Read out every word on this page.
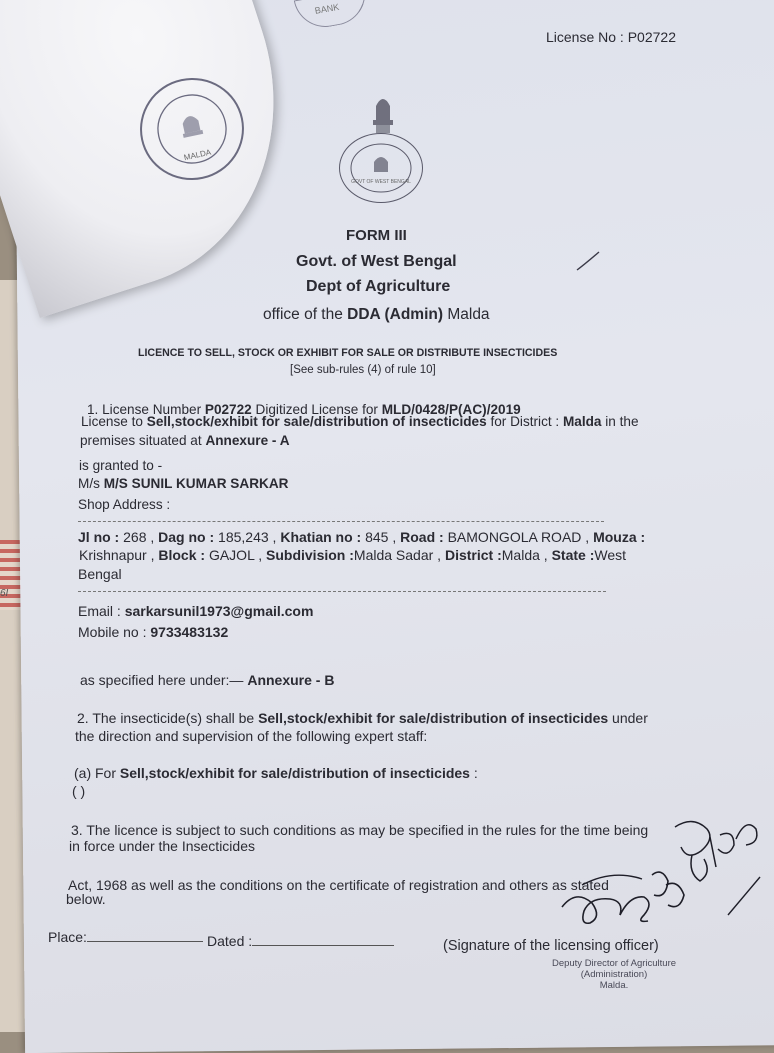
6I
BANK
License No : P02722
MALDA
GOVT OF WEST BENGAL
FORM III
Govt. of West Bengal
Dept of Agriculture
office of the DDA (Admin) Malda
LICENCE TO SELL, STOCK OR EXHIBIT FOR SALE OR DISTRIBUTE INSECTICIDES
[See sub-rules (4) of rule 10]
1. License Number P02722 Digitized License for MLD/0428/P(AC)/2019
License to Sell,stock/exhibit for sale/distribution of insecticides for District : Malda in the
premises situated at Annexure - A
is granted to -
M/s M/S SUNIL KUMAR SARKAR
Shop Address :
Jl no : 268 , Dag no : 185,243 , Khatian no : 845 , Road : BAMONGOLA ROAD , Mouza :
Krishnapur , Block : GAJOL , Subdivision :Malda Sadar , District :Malda , State :West
Bengal
Email : sarkarsunil1973@gmail.com
Mobile no : 9733483132
as specified here under:— Annexure - B
2. The insecticide(s) shall be Sell,stock/exhibit for sale/distribution of insecticides under
the direction and supervision of the following expert staff:
(a) For Sell,stock/exhibit for sale/distribution of insecticides :
( )
3. The licence is subject to such conditions as may be specified in the rules for the time being
in force under the Insecticides
Act, 1968 as well as the conditions on the certificate of registration and others as stated
below.
Place:	Dated :	(Signature of the licensing officer)
Deputy Director of Agriculture
(Administration)
Malda.
